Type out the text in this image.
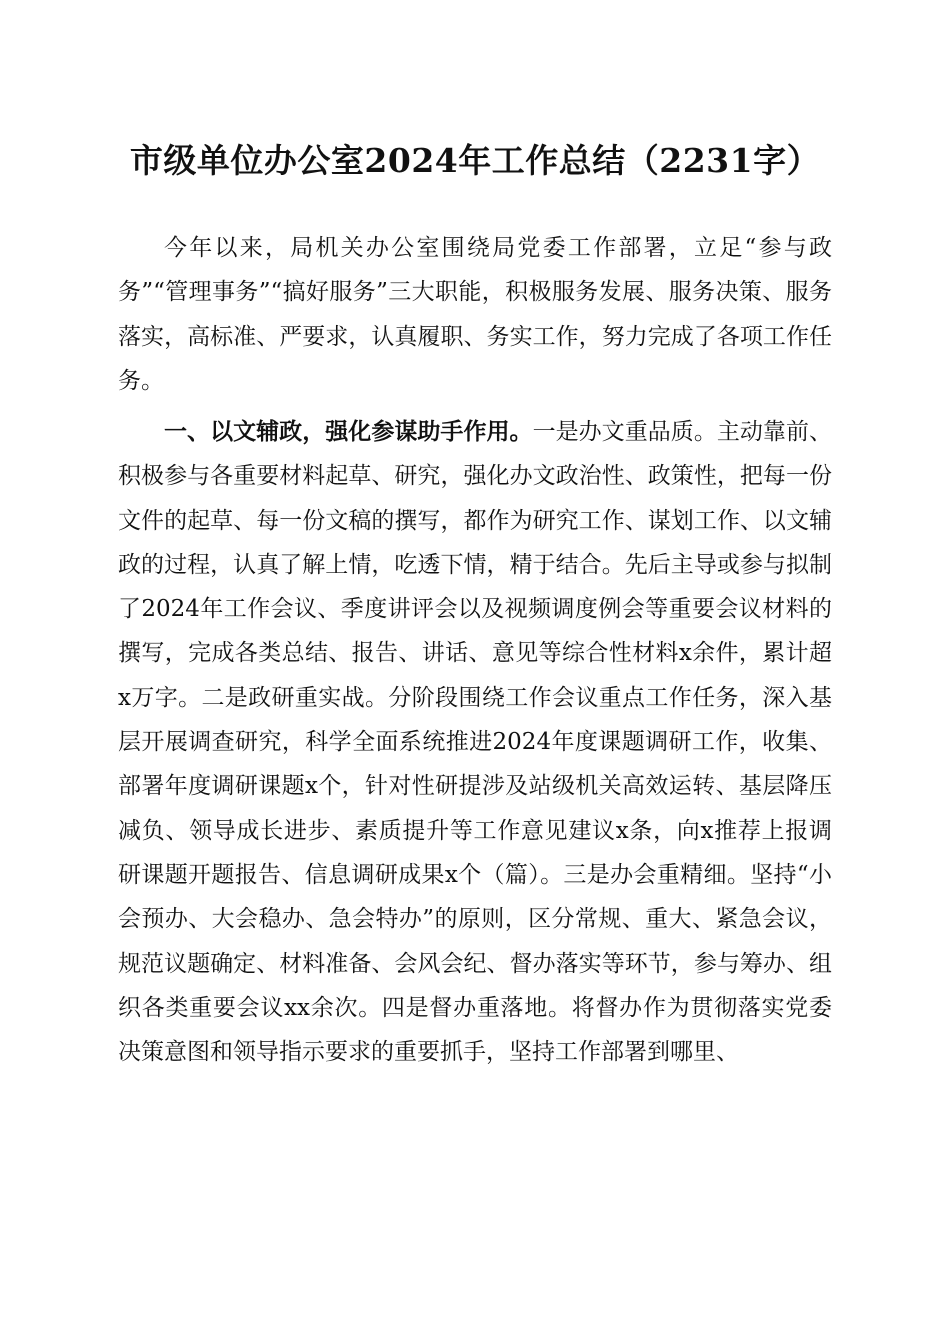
市级单位办公室2024年工作总结（2231字）

今年以来，局机关办公室围绕局党委工作部署，立足“参与政务”“管理事务”“搞好服务”三大职能，积极服务发展、服务决策、服务落实，高标准、严要求，认真履职、务实工作，努力完成了各项工作任务。

一、以文辅政，强化参谋助手作用。一是办文重品质。主动靠前、积极参与各重要材料起草、研究，强化办文政治性、政策性，把每一份文件的起草、每一份文稿的撰写，都作为研究工作、谋划工作、以文辅政的过程，认真了解上情，吃透下情，精于结合。先后主导或参与拟制了2024年工作会议、季度讲评会以及视频调度例会等重要会议材料的撰写，完成各类总结、报告、讲话、意见等综合性材料x余件，累计超x万字。二是政研重实战。分阶段围绕工作会议重点工作任务，深入基层开展调查研究，科学全面系统推进2024年度课题调研工作，收集、部署年度调研课题x个，针对性研提涉及站级机关高效运转、基层降压减负、领导成长进步、素质提升等工作意见建议x条，向x推荐上报调研课题开题报告、信息调研成果x个（篇）。三是办会重精细。坚持“小会预办、大会稳办、急会特办”的原则，区分常规、重大、紧急会议，规范议题确定、材料准备、会风会纪、督办落实等环节，参与筹办、组织各类重要会议xx余次。四是督办重落地。将督办作为贯彻落实党委决策意图和领导指示要求的重要抓手，坚持工作部署到哪里、
